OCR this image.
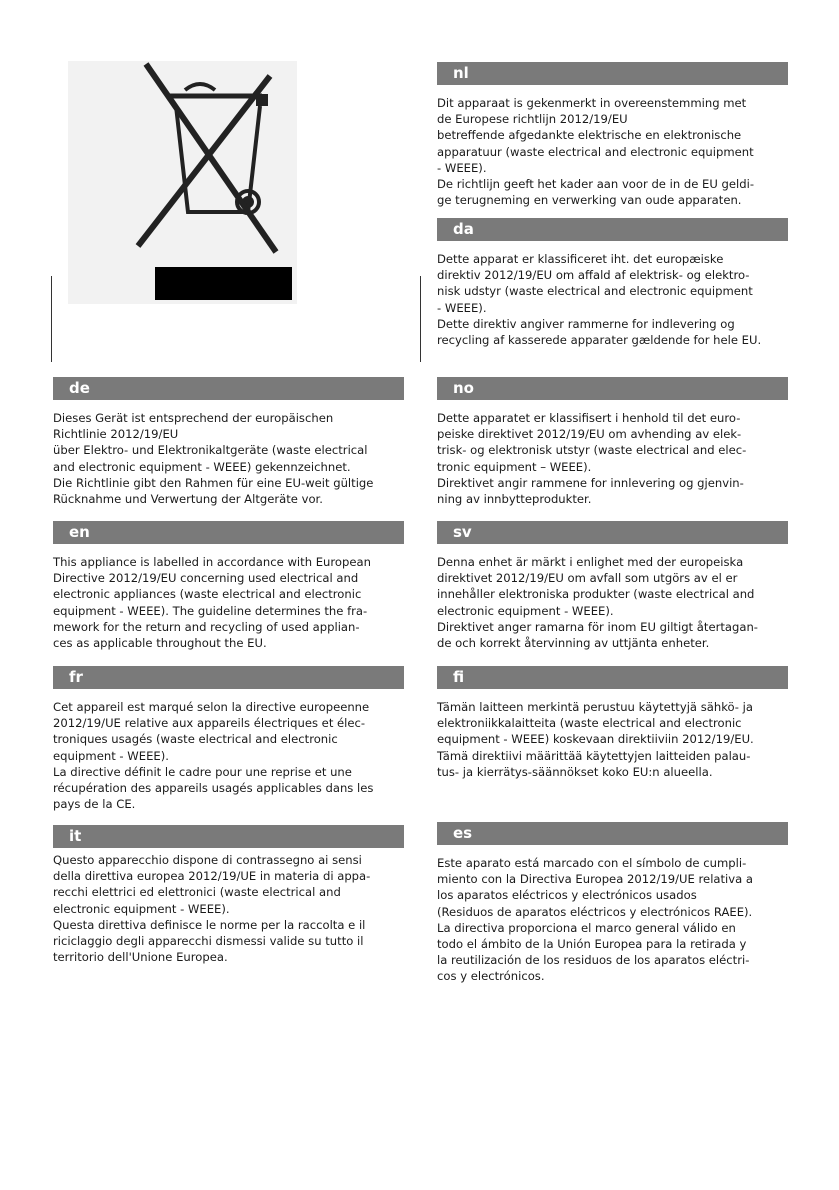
nl

Dit apparaat is gekenmerkt in overeenstemming met

de Europese richtlijn 2012/19/EU

betreffende afgedankte elektrische en elektronische

apparatuur (waste electrical and electronic equipment

- WEEE).

De richtlijn geeft het kader aan voor de in de EU geldi-

ge terugneming en verwerking van oude apparaten.

da

Dette apparat er klassificeret iht. det europæiske

direktiv 2012/19/EU om affald af elektrisk- og elektro-

nisk udstyr (waste electrical and electronic equipment

- WEEE).

Dette direktiv angiver rammerne for indlevering og

recycling af kasserede apparater gældende for hele EU.

de

Dieses Gerät ist entsprechend der europäischen

Richtlinie 2012/19/EU

über Elektro- und Elektronikaltgeräte (waste electrical

and electronic equipment - WEEE) gekennzeichnet.

Die Richtlinie gibt den Rahmen für eine EU-weit gültige

Rücknahme und Verwertung der Altgeräte vor.

no

Dette apparatet er klassifisert i henhold til det euro-

peiske direktivet 2012/19/EU om avhending av elek-

trisk- og elektronisk utstyr (waste electrical and elec-

tronic equipment – WEEE).

Direktivet angir rammene for innlevering og gjenvin-

ning av innbytteprodukter.

en

This appliance is labelled in accordance with European

Directive 2012/19/EU concerning used electrical and

electronic appliances (waste electrical and electronic

equipment - WEEE). The guideline determines the fra-

mework for the return and recycling of used applian-

ces as applicable throughout the EU.

sv

Denna enhet är märkt i enlighet med der europeiska

direktivet 2012/19/EU om avfall som utgörs av el er

innehåller elektroniska produkter (waste electrical and

electronic equipment - WEEE).

Direktivet anger ramarna för inom EU giltigt återtagan-

de och korrekt återvinning av uttjänta enheter.

fr

Cet appareil est marqué selon la directive europeenne

2012/19/UE relative aux appareils électriques et élec-

troniques usagés (waste electrical and electronic

equipment - WEEE).

La directive définit le cadre pour une reprise et une

récupération des appareils usagés applicables dans les

pays de la CE.

fi

Tämän laitteen merkintä perustuu käytettyjä sähkö- ja

elektroniikkalaitteita (waste electrical and electronic

equipment - WEEE) koskevaan direktiiviin 2012/19/EU.

Tämä direktiivi määrittää käytettyjen laitteiden palau-

tus- ja kierrätys-säännökset koko EU:n alueella.

it

Questo apparecchio dispone di contrassegno ai sensi

della direttiva europea 2012/19/UE in materia di appa-

recchi elettrici ed elettronici (waste electrical and

electronic equipment - WEEE).

Questa direttiva definisce le norme per la raccolta e il

riciclaggio degli apparecchi dismessi valide su tutto il

territorio dell'Unione Europea.

es

Este aparato está marcado con el símbolo de cumpli-

miento con la Directiva Europea 2012/19/UE relativa a

los aparatos eléctricos y electrónicos usados

(Residuos de aparatos eléctricos y electrónicos RAEE).

La directiva proporciona el marco general válido en

todo el ámbito de la Unión Europea para la retirada y

la reutilización de los residuos de los aparatos eléctri-

cos y electrónicos.
